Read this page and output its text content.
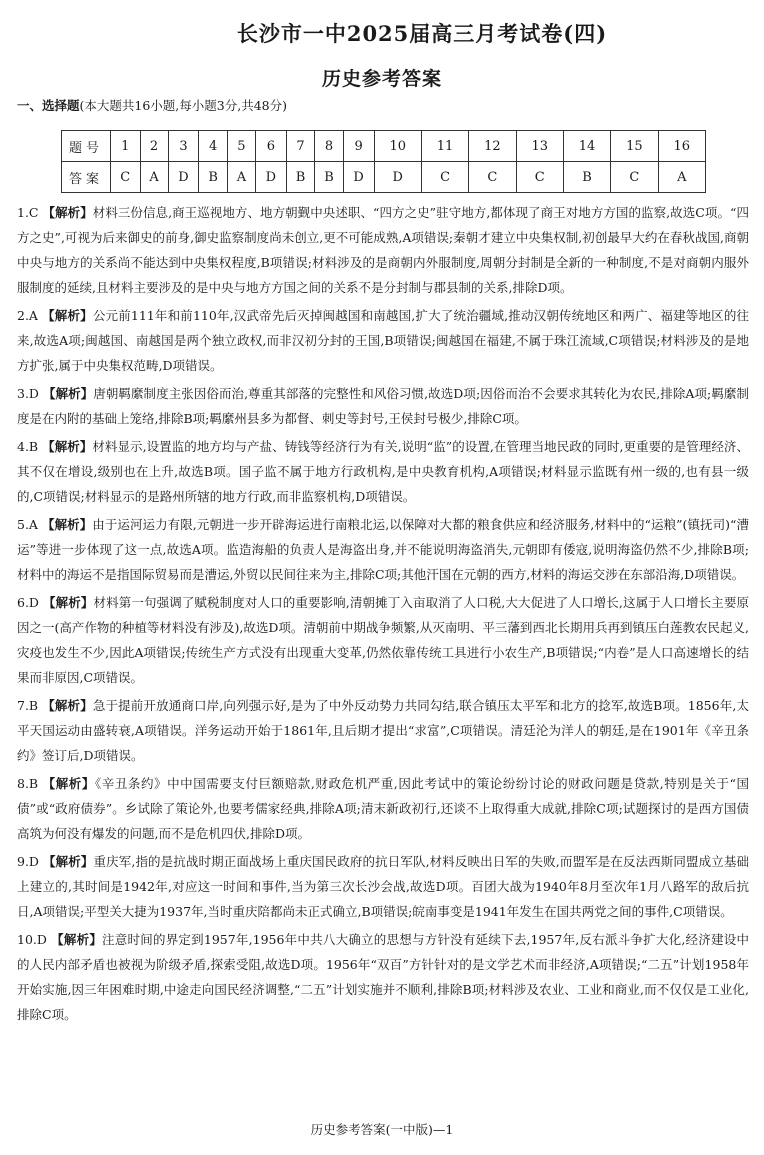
长沙市一中2025届高三月考试卷(四)
历史参考答案
一、选择题(本大题共16小题,每小题3分,共48分)
题号	1	2	3	4	5	6	7	8	9	10	11	12	13	14	15	16
答案	C	A	D	B	A	D	B	B	D	D	C	C	C	B	C	A
1.C 【解析】材料三份信息,商王巡视地方、地方朝觐中央述职、“四方之史”驻守地方,都体现了商王对地方方国的监察,故选C项。“四方之史”,可视为后来御史的前身,御史监察制度尚未创立,更不可能成熟,A项错误;秦朝才建立中央集权制,初创最早大约在春秋战国,商朝中央与地方的关系尚不能达到中央集权程度,B项错误;材料涉及的是商朝内外服制度,周朝分封制是全新的一种制度,不是对商朝内服外服制度的延续,且材料主要涉及的是中央与地方方国之间的关系不是分封制与郡县制的关系,排除D项。
2.A 【解析】公元前111年和前110年,汉武帝先后灭掉闽越国和南越国,扩大了统治疆域,推动汉朝传统地区和两广、福建等地区的往来,故选A项;闽越国、南越国是两个独立政权,而非汉初分封的王国,B项错误;闽越国在福建,不属于珠江流域,C项错误;材料涉及的是地方扩张,属于中央集权范畴,D项错误。
3.D 【解析】唐朝羁縻制度主张因俗而治,尊重其部落的完整性和风俗习惯,故选D项;因俗而治不会要求其转化为农民,排除A项;羁縻制度是在内附的基础上笼络,排除B项;羁縻州县多为都督、刺史等封号,王侯封号极少,排除C项。
4.B 【解析】材料显示,设置监的地方均与产盐、铸钱等经济行为有关,说明“监”的设置,在管理当地民政的同时,更重要的是管理经济、其不仅在增设,级别也在上升,故选B项。国子监不属于地方行政机构,是中央教育机构,A项错误;材料显示监既有州一级的,也有县一级的,C项错误;材料显示的是路州所辖的地方行政,而非监察机构,D项错误。
5.A 【解析】由于运河运力有限,元朝进一步开辟海运进行南粮北运,以保障对大都的粮食供应和经济服务,材料中的“运粮”(镇抚司)“漕运”等进一步体现了这一点,故选A项。监造海船的负责人是海盗出身,并不能说明海盗消失,元朝即有倭寇,说明海盗仍然不少,排除B项;材料中的海运不是指国际贸易而是漕运,外贸以民间往来为主,排除C项;其他汗国在元朝的西方,材料的海运交涉在东部沿海,D项错误。
6.D 【解析】材料第一句强调了赋税制度对人口的重要影响,清朝摊丁入亩取消了人口税,大大促进了人口增长,这属于人口增长主要原因之一(高产作物的种植等材料没有涉及),故选D项。清朝前中期战争频繁,从灭南明、平三藩到西北长期用兵再到镇压白莲教农民起义,灾疫也发生不少,因此A项错误;传统生产方式没有出现重大变革,仍然依靠传统工具进行小农生产,B项错误;“内卷”是人口高速增长的结果而非原因,C项错误。
7.B 【解析】急于提前开放通商口岸,向列强示好,是为了中外反动势力共同勾结,联合镇压太平军和北方的捻军,故选B项。1856年,太平天国运动由盛转衰,A项错误。洋务运动开始于1861年,且后期才提出“求富”,C项错误。清廷沦为洋人的朝廷,是在1901年《辛丑条约》签订后,D项错误。
8.B 【解析】《辛丑条约》中中国需要支付巨额赔款,财政危机严重,因此考试中的策论纷纷讨论的财政问题是贷款,特别是关于“国债”或“政府债券”。乡试除了策论外,也要考儒家经典,排除A项;清末新政初行,还谈不上取得重大成就,排除C项;试题探讨的是西方国债高筑为何没有爆发的问题,而不是危机四伏,排除D项。
9.D 【解析】重庆军,指的是抗战时期正面战场上重庆国民政府的抗日军队,材料反映出日军的失败,而盟军是在反法西斯同盟成立基础上建立的,其时间是1942年,对应这一时间和事件,当为第三次长沙会战,故选D项。百团大战为1940年8月至次年1月八路军的敌后抗日,A项错误;平型关大捷为1937年,当时重庆陪都尚未正式确立,B项错误;皖南事变是1941年发生在国共两党之间的事件,C项错误。
10.D 【解析】注意时间的界定到1957年,1956年中共八大确立的思想与方针没有延续下去,1957年,反右派斗争扩大化,经济建设中的人民内部矛盾也被视为阶级矛盾,探索受阻,故选D项。1956年“双百”方针针对的是文学艺术而非经济,A项错误;“二五”计划1958年开始实施,因三年困难时期,中途走向国民经济调整,“二五”计划实施并不顺利,排除B项;材料涉及农业、工业和商业,而不仅仅是工业化,排除C项。
历史参考答案(一中版)—1
